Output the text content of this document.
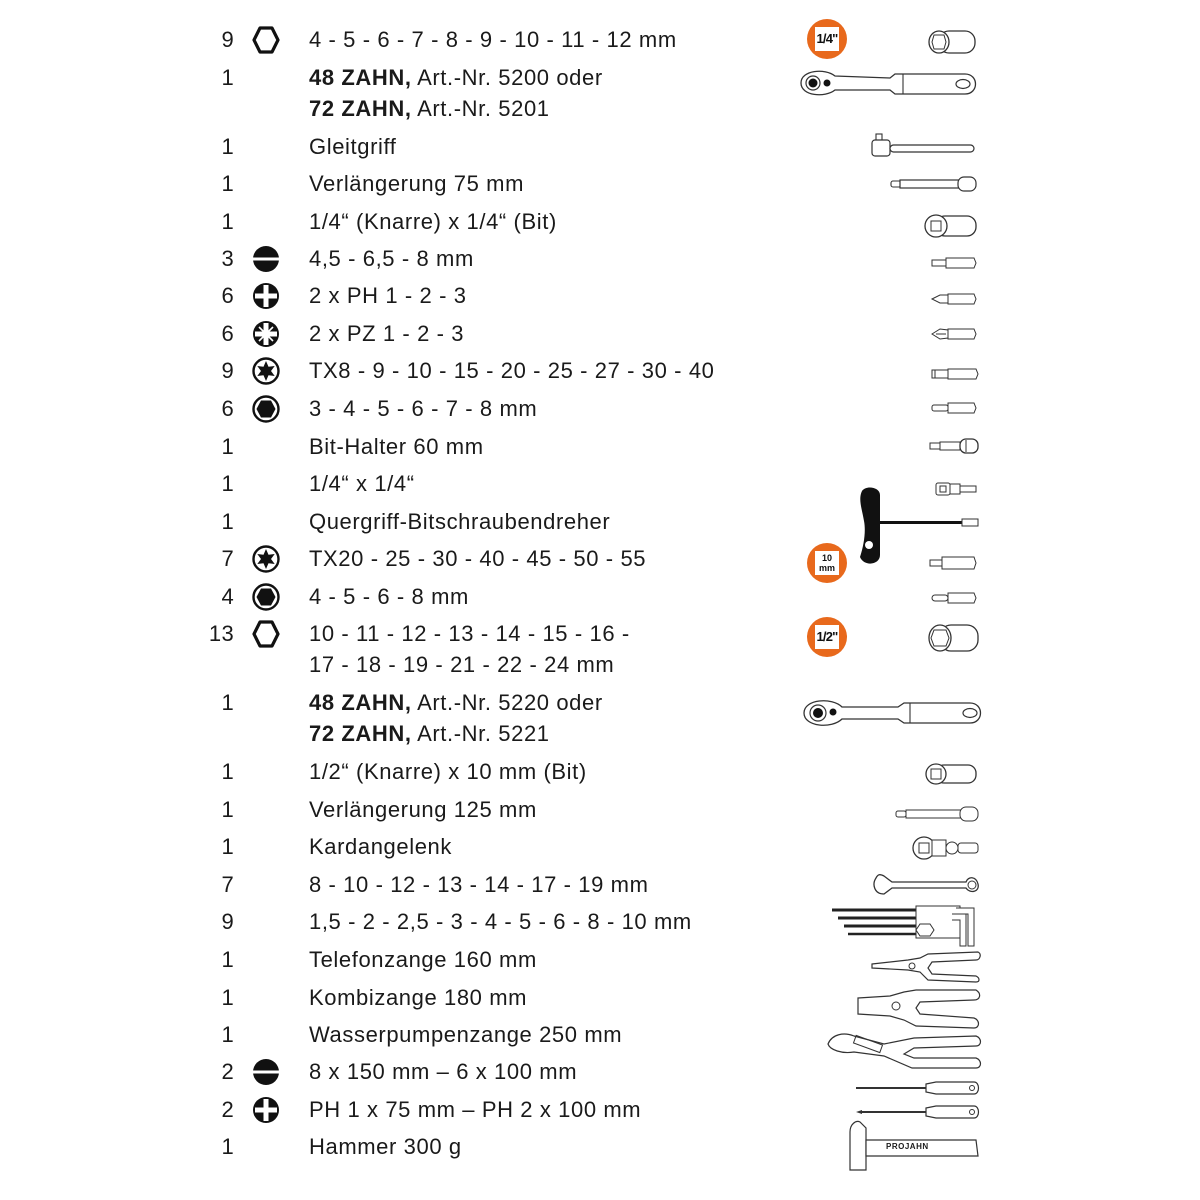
9	4 - 5 - 6 - 7 - 8 - 9 - 10 - 11 - 12 mm
1	48 ZAHN, Art.-Nr. 5200 oder
72 ZAHN, Art.-Nr. 5201
1	Gleitgriff
1	Verlängerung 75 mm
1	1/4“ (Knarre) x 1/4“ (Bit)
3	4,5 - 6,5 - 8 mm
6	2 x PH 1 - 2 - 3
6	2 x PZ 1 - 2 - 3
9	TX8 - 9 - 10 - 15 - 20 - 25 - 27 - 30 - 40
6	3 - 4 - 5 - 6 - 7 - 8 mm
1	Bit-Halter 60 mm
1	1/4“ x 1/4“
1	Quergriff-Bitschraubendreher
7	TX20 - 25 - 30 - 40 - 45 - 50 - 55
4	4 - 5 - 6 - 8 mm
13	10 - 11 - 12 - 13 - 14 - 15 - 16 -
17 - 18 - 19 - 21 - 22 - 24 mm
1	48 ZAHN, Art.-Nr. 5220 oder
72 ZAHN, Art.-Nr. 5221
1	1/2“ (Knarre) x 10 mm (Bit)
1	Verlängerung 125 mm
1	Kardangelenk
7	8 - 10 - 12 - 13 - 14 - 17 - 19 mm
9	1,5 - 2 - 2,5 - 3 - 4 - 5 - 6 - 8 - 10 mm
1	Telefonzange 160 mm
1	Kombizange 180 mm
1	Wasserpumpenzange 250 mm
2	8 x 150 mm – 6 x 100 mm
2	PH 1 x 75 mm – PH 2 x 100 mm
1	Hammer 300 g
1/4"
10
mm
1/2"
PROJAHN
